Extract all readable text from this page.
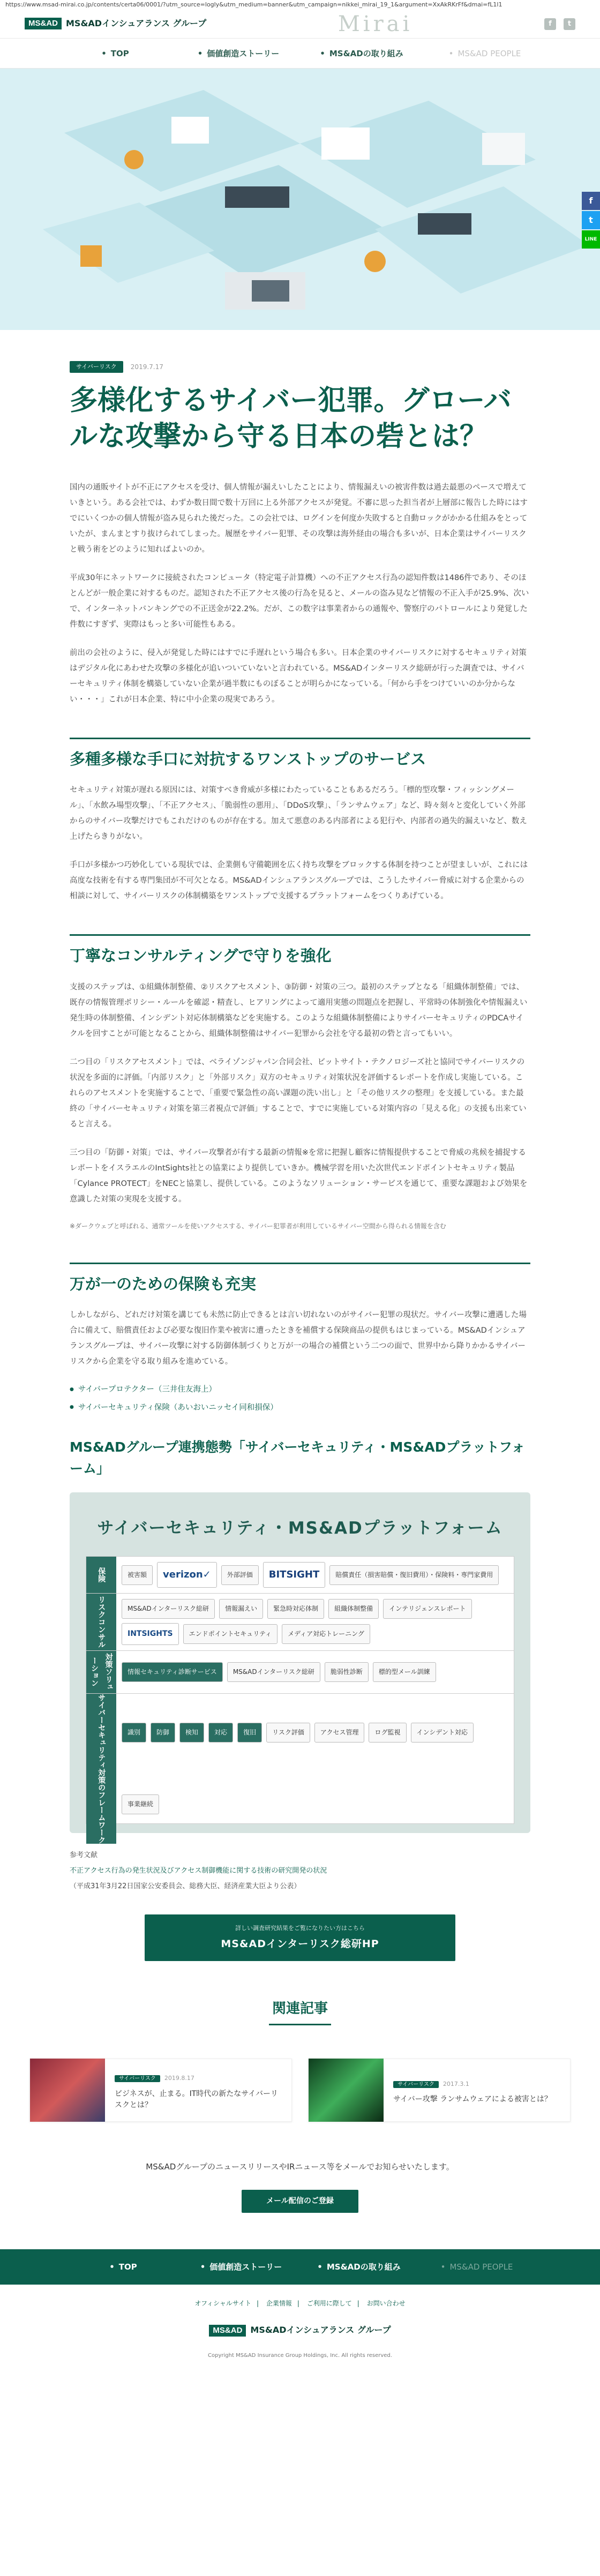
https://www.msad-mirai.co.jp/contents/certa06/0001/?utm_source=logly&utm_medium=banner&utm_campaign=nikkei_mirai_19_1&argument=XxAkRKrFf&dmai=fL1l1
MS&AD MS&ADインシュアランス グループ	Mirai	f	t
• TOP	• 価値創造ストーリー	• MS&ADの取り組み	• MS&AD PEOPLE
f
t
LINE
サイバーリスク	2019.7.17
多様化するサイバー犯罪。グローバルな攻撃から守る日本の砦とは？

国内の通販サイトが不正にアクセスを受け、個人情報が漏えいしたことにより、情報漏えいの被害件数は過去最悪のペースで増えていきという。ある会社では、わずか数日間で数十万回に上る外部アクセスが発覚。不審に思った担当者が上層部に報告した時にはすでにいくつかの個人情報が盗み見られた後だった。この会社では、ログインを何度か失敗すると自動ロックがかかる仕組みをとっていたが、まんまとすり抜けられてしまった。履歴をサイバー犯罪、その攻撃は海外経由の場合も多いが、日本企業はサイバーリスクと戦う術をどのように知ればよいのか。

平成30年にネットワークに接続されたコンピュータ（特定電子計算機）への不正アクセス行為の認知件数は1486件であり、そのほとんどが一般企業に対するものだ。認知された不正アクセス後の行為を見ると、メールの盗み見など情報の不正入手が25.9%、次いで、インターネットバンキングでの不正送金が22.2%。だが、この数字は事業者からの通報や、警察庁のパトロールにより発覚した件数にすぎず、実際はもっと多い可能性もある。

前出の会社のように、侵入が発覚した時にはすでに手遅れという場合も多い。日本企業のサイバーリスクに対するセキュリティ対策はデジタル化にあわせた攻撃の多様化が追いついていないと言われている。MS&ADインターリスク総研が行った調査では、サイバーセキュリティ体制を構築していない企業が過半数にものぼることが明らかになっている。「何から手をつけていいのか分からない・・・」これが日本企業、特に中小企業の現実であろう。

多種多様な手口に対抗するワンストップのサービス

セキュリティ対策が遅れる原因には、対策すべき脅威が多様にわたっていることもあるだろう。「標的型攻撃・フィッシングメール」、「水飲み場型攻撃」、「不正アクセス」、「脆弱性の悪用」、「DDoS攻撃」、「ランサムウェア」など、時々刻々と変化していく外部からのサイバー攻撃だけでもこれだけのものが存在する。加えて悪意のある内部者による犯行や、内部者の過失的漏えいなど、数え上げたらきりがない。

手口が多様かつ巧妙化している現状では、企業側も守備範囲を広く持ち攻撃をブロックする体制を持つことが望ましいが、これには高度な技術を有する専門集団が不可欠となる。MS&ADインシュアランスグループでは、こうしたサイバー脅威に対する企業からの相談に対して、サイバーリスクの体制構築をワンストップで支援するプラットフォームをつくりあげている。

丁寧なコンサルティングで守りを強化

支援のステップは、①組織体制整備、②リスクアセスメント、③防御・対策の三つ。最初のステップとなる「組織体制整備」では、既存の情報管理ポリシー・ルールを確認・精査し、ヒアリングによって適用実態の問題点を把握し、平常時の体制強化や情報漏えい発生時の体制整備、インシデント対応体制構築などを実施する。このような組織体制整備によりサイバーセキュリティのPDCAサイクルを回すことが可能となることから、組織体制整備はサイバー犯罪から会社を守る最初の砦と言ってもいい。

二つ目の「リスクアセスメント」では、ベライゾンジャパン合同会社、ビットサイト・テクノロジーズ社と協同でサイバーリスクの状況を多面的に評価。「内部リスク」と「外部リスク」双方のセキュリティ対策状況を評価するレポートを作成し実施している。これらのアセスメントを実施することで、「重要で緊急性の高い課題の洗い出し」と「その他リスクの整理」を支援している。また最終の「サイバーセキュリティ対策を第三者視点で評価」することで、すでに実施している対策内容の「見える化」の支援も出来ていると言える。

三つ目の「防御・対策」では、サイバー攻撃者が有する最新の情報※を常に把握し顧客に情報提供することで脅威の兆候を捕捉するレポートをイスラエルのIntSights社との協業により提供していきか。機械学習を用いた次世代エンドポイントセキュリティ製品「Cylance PROTECT」をNECと協業し、提供している。このようなソリューション・サービスを通じて、重要な課題および効果を意識した対策の実現を支援する。

※ダークウェブと呼ばれる、通常ツールを使いアクセスする、サイバー犯罪者が利用しているサイバー空間から得られる情報を含む

万が一のための保険も充実

しかしながら、どれだけ対策を講じても未然に防止できるとは言い切れないのがサイバー犯罪の現状だ。サイバー攻撃に遭遇した場合に備えて、賠償責任および必要な復旧作業や被害に遭ったときを補償する保険商品の提供もはじまっている。MS&ADインシュアランスグループは、サイバー攻撃に対する防御体制づくりと万が一の場合の補償という二つの面で、世界中から降りかかるサイバーリスクから企業を守る取り組みを進めている。

● サイバープロテクター（三井住友海上）
● サイバーセキュリティ保険（あいおいニッセイ同和損保）
MS&ADグループ連携態勢「サイバーセキュリティ・MS&ADプラットフォーム」
サイバーセキュリティ・MS&ADプラットフォーム
保険	被害額	verizon✓	外部評価	BITSIGHT	賠償責任（損害賠償・復旧費用）・保険料・専門家費用
リスクコンサル	MS&ADインターリスク総研	情報漏えい	緊急時対応体制	組織体制整備	インテリジェンスレポート
INTSIGHTS	エンドポイントセキュリティ	メディア対応トレーニング
対策ソリューション	情報セキュリティ診断サービス	MS&ADインターリスク総研	脆弱性診断	標的型メール訓練
サイバーセキュリティ対策のフレームワーク	識別	防御	検知	対応	復旧	リスク評価	アクセス管理	ログ監視	インシデント対応
事業継続
参考文献
不正アクセス行為の発生状況及びアクセス制御機能に関する技術の研究開発の状況
（平成31年3月22日国家公安委員会、総務大臣、経済産業大臣より公表）
詳しい調査研究結果をご覧になりたい方はこちら
MS&ADインターリスク総研HP
関連記事
サイバーリスク 2019.8.17
ビジネスが、止まる。IT時代の新たなサイバーリスクとは？
サイバーリスク 2017.3.1
サイバー攻撃 ランサムウェアによる被害とは？
MS&ADグループのニュースリリースやIRニュース等をメールでお知らせいたします。
メール配信のご登録
• TOP	• 価値創造ストーリー	• MS&ADの取り組み	• MS&AD PEOPLE
オフィシャルサイト | 企業情報 | ご利用に際して | お問い合わせ
MS&AD MS&ADインシュアランス グループ
Copyright MS&AD Insurance Group Holdings, Inc. All rights reserved.
